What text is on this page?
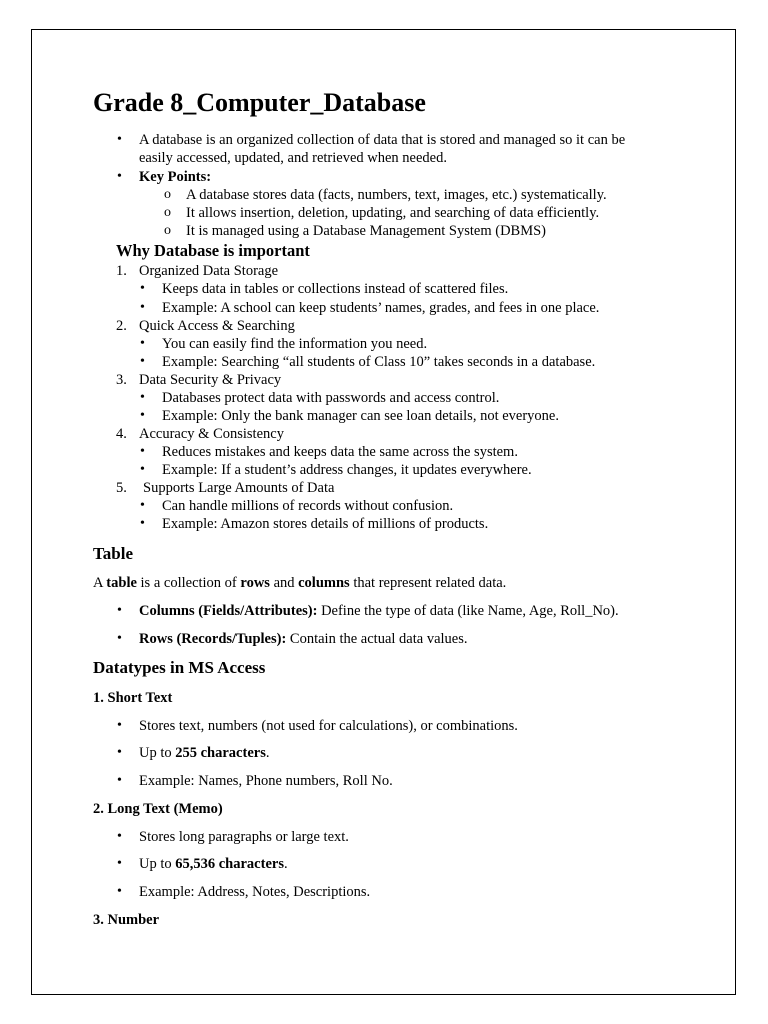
Grade 8_Computer_Database
• A database is an organized collection of data that is stored and managed so it can be
easily accessed, updated, and retrieved when needed.
• Key Points:
o A database stores data (facts, numbers, text, images, etc.) systematically.
o It allows insertion, deletion, updating, and searching of data efficiently.
o It is managed using a Database Management System (DBMS)
Why Database is important
1. Organized Data Storage
• Keeps data in tables or collections instead of scattered files.
• Example: A school can keep students’ names, grades, and fees in one place.
2. Quick Access & Searching
• You can easily find the information you need.
• Example: Searching “all students of Class 10” takes seconds in a database.
3. Data Security & Privacy
• Databases protect data with passwords and access control.
• Example: Only the bank manager can see loan details, not everyone.
4. Accuracy & Consistency
• Reduces mistakes and keeps data the same across the system.
• Example: If a student’s address changes, it updates everywhere.
5. Supports Large Amounts of Data
• Can handle millions of records without confusion.
• Example: Amazon stores details of millions of products.
Table
A table is a collection of rows and columns that represent related data.
• Columns (Fields/Attributes): Define the type of data (like Name, Age, Roll_No).
• Rows (Records/Tuples): Contain the actual data values.
Datatypes in MS Access
1. Short Text
• Stores text, numbers (not used for calculations), or combinations.
• Up to 255 characters.
• Example: Names, Phone numbers, Roll No.
2. Long Text (Memo)
• Stores long paragraphs or large text.
• Up to 65,536 characters.
• Example: Address, Notes, Descriptions.
3. Number
